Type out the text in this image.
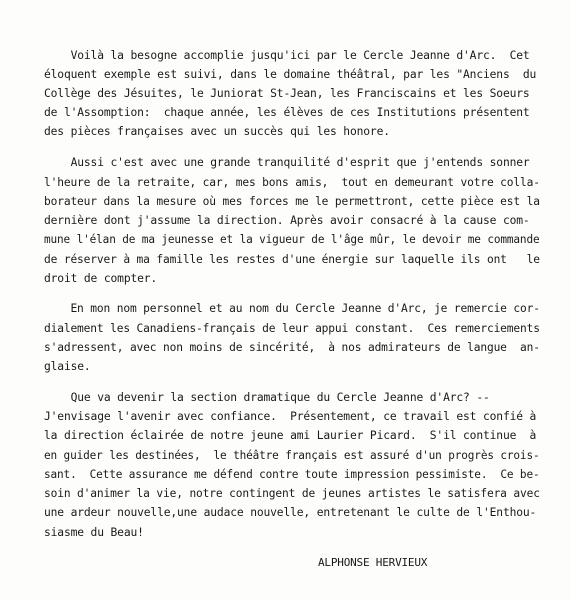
Voilà la besogne accomplie jusqu'ici par le Cercle Jeanne d'Arc.  Cet
éloquent exemple est suivi, dans le domaine théâtral, par les "Anciens  du
Collège des Jésuites, le Juniorat St-Jean, les Franciscains et les Soeurs
de l'Assomption:  chaque année, les élèves de ces Institutions présentent
des pièces françaises avec un succès qui les honore.
Aussi c'est avec une grande tranquilité d'esprit que j'entends sonner
l'heure de la retraite, car, mes bons amis,  tout en demeurant votre colla-
borateur dans la mesure où mes forces me le permettront, cette pièce est la
dernière dont j'assume la direction. Après avoir consacré à la cause com-
mune l'élan de ma jeunesse et la vigueur de l'âge mûr, le devoir me commande
de réserver à ma famille les restes d'une énergie sur laquelle ils ont   le
droit de compter.
En mon nom personnel et au nom du Cercle Jeanne d'Arc, je remercie cor-
dialement les Canadiens-français de leur appui constant.  Ces remerciements
s'adressent, avec non moins de sincérité,  à nos admirateurs de langue  an-
glaise.
Que va devenir la section dramatique du Cercle Jeanne d'Arc? --
J'envisage l'avenir avec confiance.  Présentement, ce travail est confié à
la direction éclairée de notre jeune ami Laurier Picard.  S'il continue  à
en guider les destinées,  le théâtre français est assuré d'un progrès crois-
sant.  Cette assurance me défend contre toute impression pessimiste.  Ce be-
soin d'animer la vie, notre contingent de jeunes artistes le satisfera avec
une ardeur nouvelle,une audace nouvelle, entretenant le culte de l'Enthou-
siasme du Beau!
ALPHONSE HERVIEUX
